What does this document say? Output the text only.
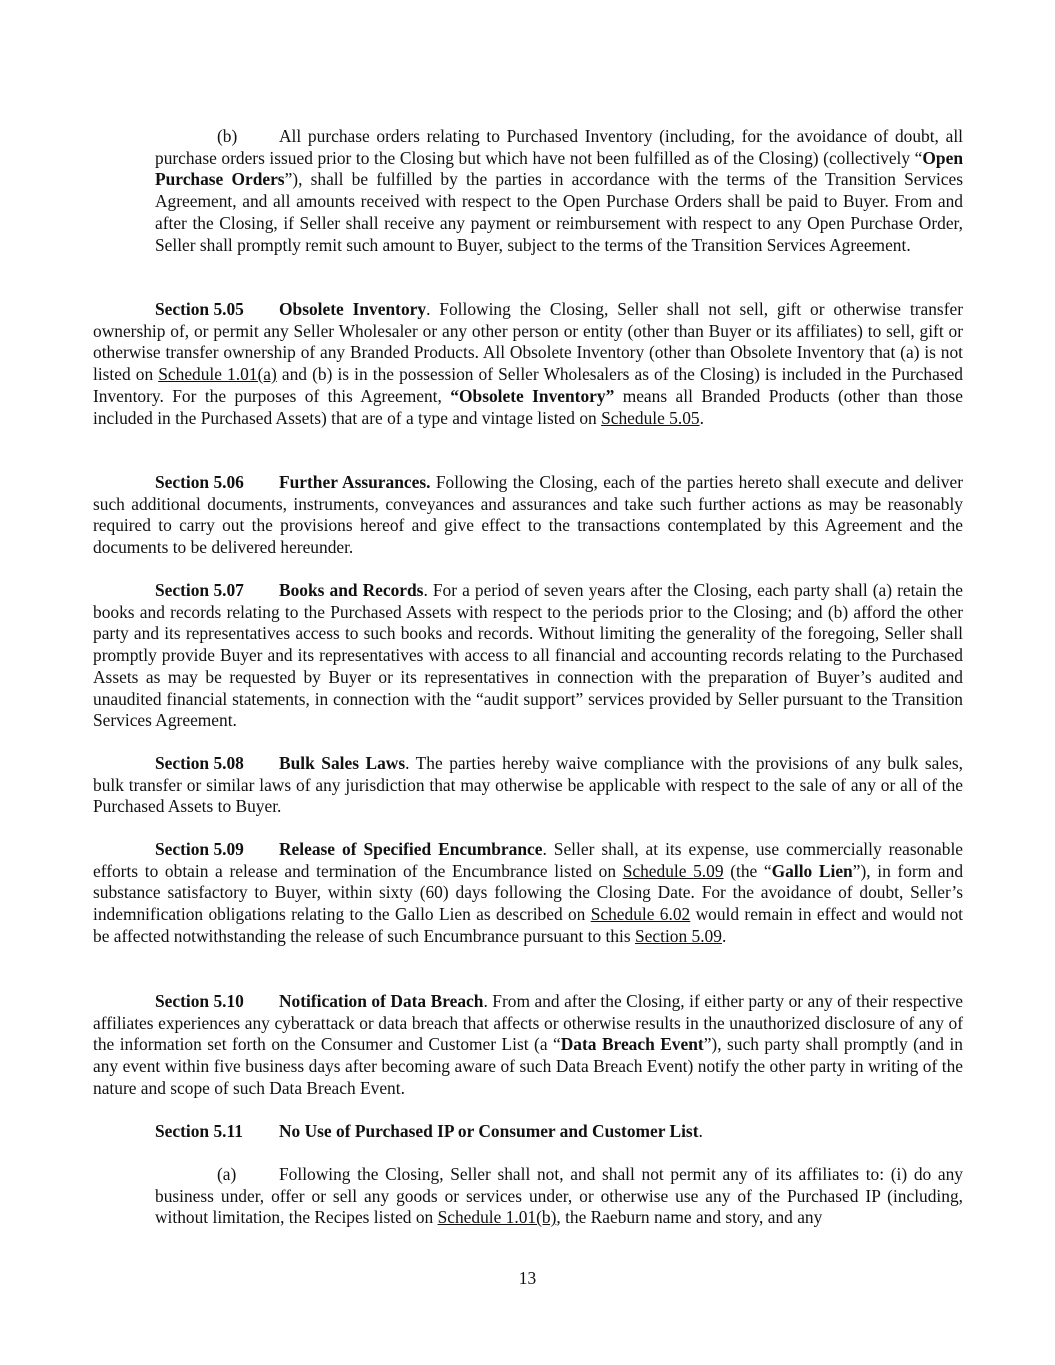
(b) All purchase orders relating to Purchased Inventory (including, for the avoidance of doubt, all purchase orders issued prior to the Closing but which have not been fulfilled as of the Closing) (collectively “Open Purchase Orders”), shall be fulfilled by the parties in accordance with the terms of the Transition Services Agreement, and all amounts received with respect to the Open Purchase Orders shall be paid to Buyer. From and after the Closing, if Seller shall receive any payment or reimbursement with respect to any Open Purchase Order, Seller shall promptly remit such amount to Buyer, subject to the terms of the Transition Services Agreement.

Section 5.05 Obsolete Inventory. Following the Closing, Seller shall not sell, gift or otherwise transfer ownership of, or permit any Seller Wholesaler or any other person or entity (other than Buyer or its affiliates) to sell, gift or otherwise transfer ownership of any Branded Products. All Obsolete Inventory (other than Obsolete Inventory that (a) is not listed on Schedule 1.01(a) and (b) is in the possession of Seller Wholesalers as of the Closing) is included in the Purchased Inventory. For the purposes of this Agreement, “Obsolete Inventory” means all Branded Products (other than those included in the Purchased Assets) that are of a type and vintage listed on Schedule 5.05.

Section 5.06 Further Assurances. Following the Closing, each of the parties hereto shall execute and deliver such additional documents, instruments, conveyances and assurances and take such further actions as may be reasonably required to carry out the provisions hereof and give effect to the transactions contemplated by this Agreement and the documents to be delivered hereunder.

Section 5.07 Books and Records. For a period of seven years after the Closing, each party shall (a) retain the books and records relating to the Purchased Assets with respect to the periods prior to the Closing; and (b) afford the other party and its representatives access to such books and records. Without limiting the generality of the foregoing, Seller shall promptly provide Buyer and its representatives with access to all financial and accounting records relating to the Purchased Assets as may be requested by Buyer or its representatives in connection with the preparation of Buyer’s audited and unaudited financial statements, in connection with the “audit support” services provided by Seller pursuant to the Transition Services Agreement.

Section 5.08 Bulk Sales Laws. The parties hereby waive compliance with the provisions of any bulk sales, bulk transfer or similar laws of any jurisdiction that may otherwise be applicable with respect to the sale of any or all of the Purchased Assets to Buyer.

Section 5.09 Release of Specified Encumbrance. Seller shall, at its expense, use commercially reasonable efforts to obtain a release and termination of the Encumbrance listed on Schedule 5.09 (the “Gallo Lien”), in form and substance satisfactory to Buyer, within sixty (60) days following the Closing Date. For the avoidance of doubt, Seller’s indemnification obligations relating to the Gallo Lien as described on Schedule 6.02 would remain in effect and would not be affected notwithstanding the release of such Encumbrance pursuant to this Section 5.09.

Section 5.10 Notification of Data Breach. From and after the Closing, if either party or any of their respective affiliates experiences any cyberattack or data breach that affects or otherwise results in the unauthorized disclosure of any of the information set forth on the Consumer and Customer List (a “Data Breach Event”), such party shall promptly (and in any event within five business days after becoming aware of such Data Breach Event) notify the other party in writing of the nature and scope of such Data Breach Event.

Section 5.11 No Use of Purchased IP or Consumer and Customer List.

(a) Following the Closing, Seller shall not, and shall not permit any of its affiliates to: (i) do any business under, offer or sell any goods or services under, or otherwise use any of the Purchased IP (including, without limitation, the Recipes listed on Schedule 1.01(b), the Raeburn name and story, and any

13
